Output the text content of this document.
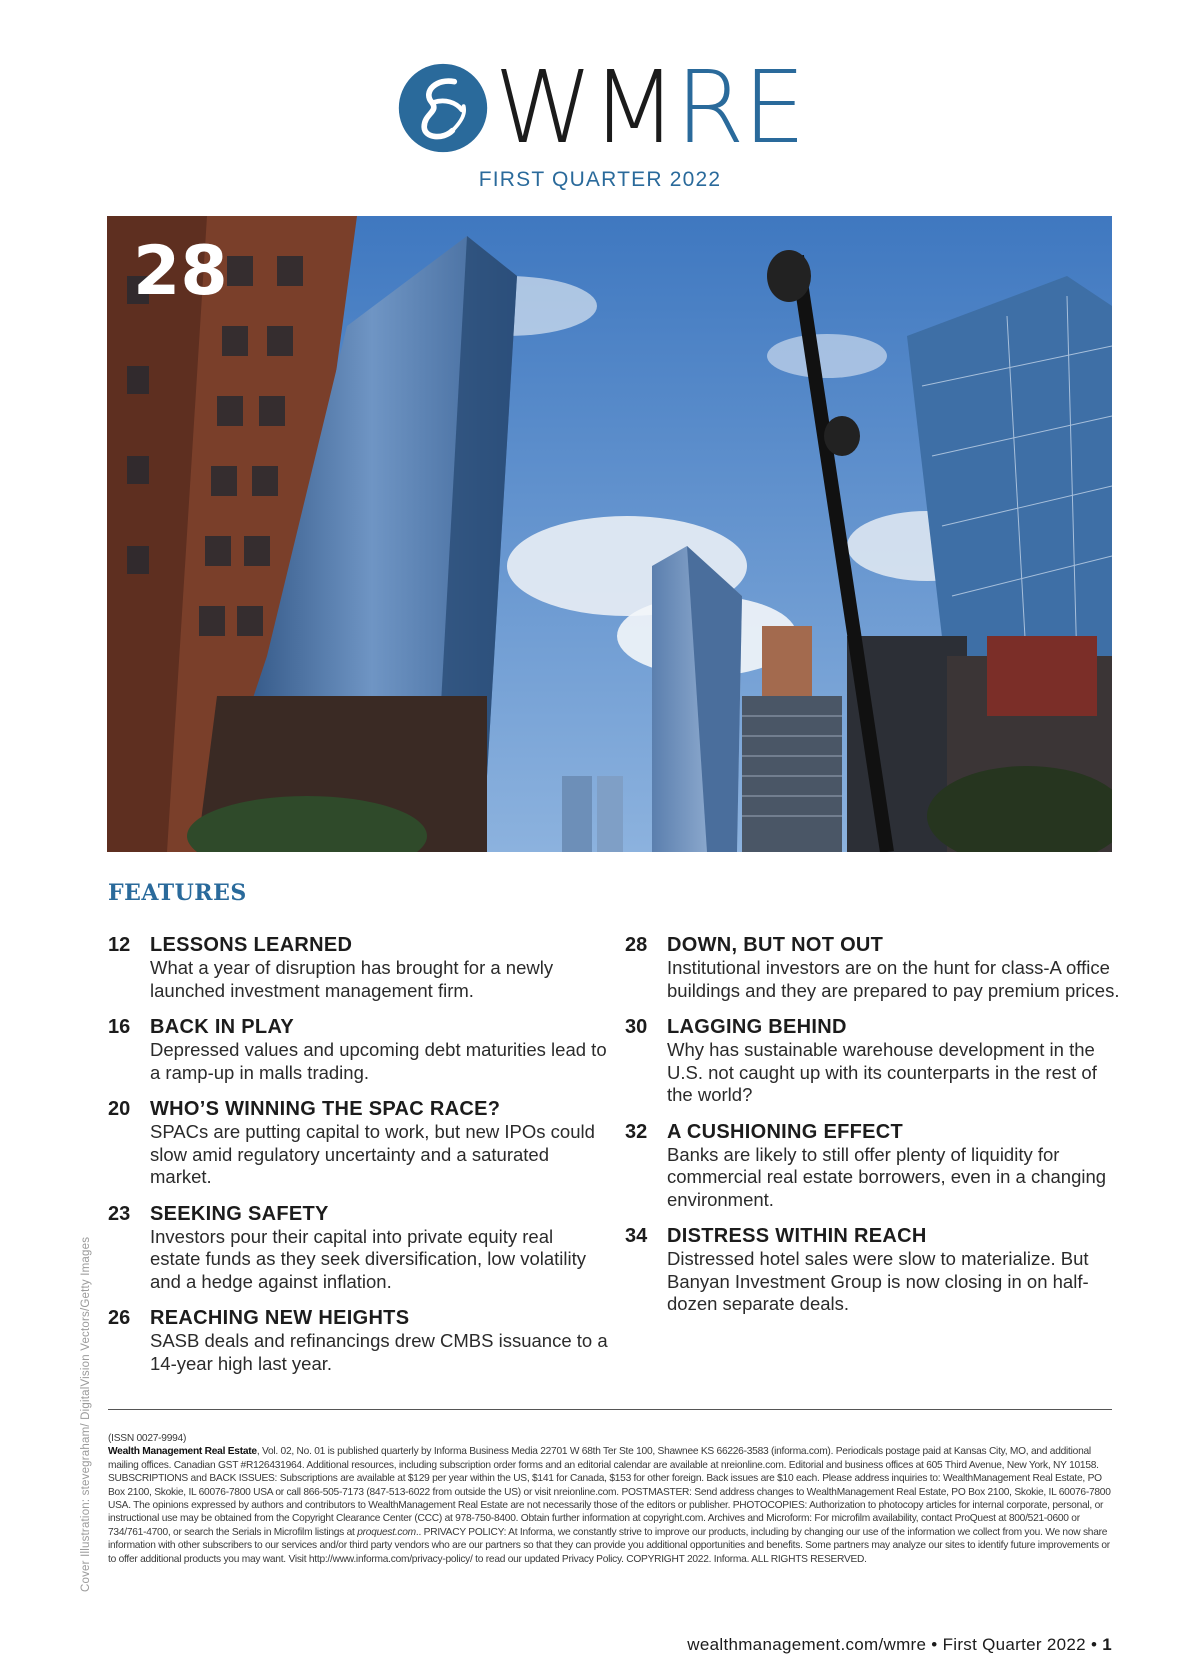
WMRE
FIRST QUARTER 2022
28
FEATURES
12 LESSONS LEARNED
What a year of disruption has brought for a newly launched investment management firm.
16 BACK IN PLAY
Depressed values and upcoming debt maturities lead to a ramp-up in malls trading.
20 WHO’S WINNING THE SPAC RACE?
SPACs are putting capital to work, but new IPOs could slow amid regulatory uncertainty and a saturated market.
23 SEEKING SAFETY
Investors pour their capital into private equity real estate funds as they seek diversification, low volatility and a hedge against inflation.
26 REACHING NEW HEIGHTS
SASB deals and refinancings drew CMBS issuance to a 14-year high last year.
28 DOWN, BUT NOT OUT
Institutional investors are on the hunt for class-A office buildings and they are prepared to pay premium prices.
30 LAGGING BEHIND
Why has sustainable warehouse development in the U.S. not caught up with its counterparts in the rest of the world?
32 A CUSHIONING EFFECT
Banks are likely to still offer plenty of liquidity for commercial real estate borrowers, even in a changing environment.
34 DISTRESS WITHIN REACH
Distressed hotel sales were slow to materialize. But Banyan Investment Group is now closing in on half-dozen separate deals.
Cover Illustration: stevegraham/ DigitalVision Vectors/Getty Images (ISSN 0027-9994)
Wealth Management Real Estate, Vol. 02, No. 01 is published quarterly by Informa Business Media 22701 W 68th Ter Ste 100, Shawnee KS 66226-3583 (informa.com). Periodicals postage paid at Kansas City, MO, and additional mailing offices. Canadian GST #R126431964. Additional resources, including subscription order forms and an editorial calendar are available at nreionline.com. Editorial and business offices at 605 Third Avenue, New York, NY 10158. SUBSCRIPTIONS and BACK ISSUES: Subscriptions are available at $129 per year within the US, $141 for Canada, $153 for other foreign. Back issues are $10 each. Please address inquiries to: WealthManagement Real Estate, PO Box 2100, Skokie, IL 60076-7800 USA or call 866-505-7173 (847-513-6022 from outside the US) or visit nreionline.com. POSTMASTER: Send address changes to WealthManagement Real Estate, PO Box 2100, Skokie, IL 60076-7800 USA. The opinions expressed by authors and contributors to WealthManagement Real Estate are not necessarily those of the editors or publisher. PHOTOCOPIES: Authorization to photocopy articles for internal corporate, personal, or instructional use may be obtained from the Copyright Clearance Center (CCC) at 978-750-8400. Obtain further information at copyright.com. Archives and Microform: For microfilm availability, contact ProQuest at 800/521-0600 or 734/761-4700, or search the Serials in Microfilm listings at proquest.com.. PRIVACY POLICY: At Informa, we constantly strive to improve our products, including by changing our use of the information we collect from you. We now share information with other subscribers to our services and/or third party vendors who are our partners so that they can provide you additional opportunities and benefits. Some partners may analyze our sites to identify future improvements or to offer additional products you may want. Visit http://www.informa.com/privacy-policy/ to read our updated Privacy Policy. COPYRIGHT 2022. Informa. ALL RIGHTS RESERVED.
wealthmanagement.com/wmre • First Quarter 2022 • 1
